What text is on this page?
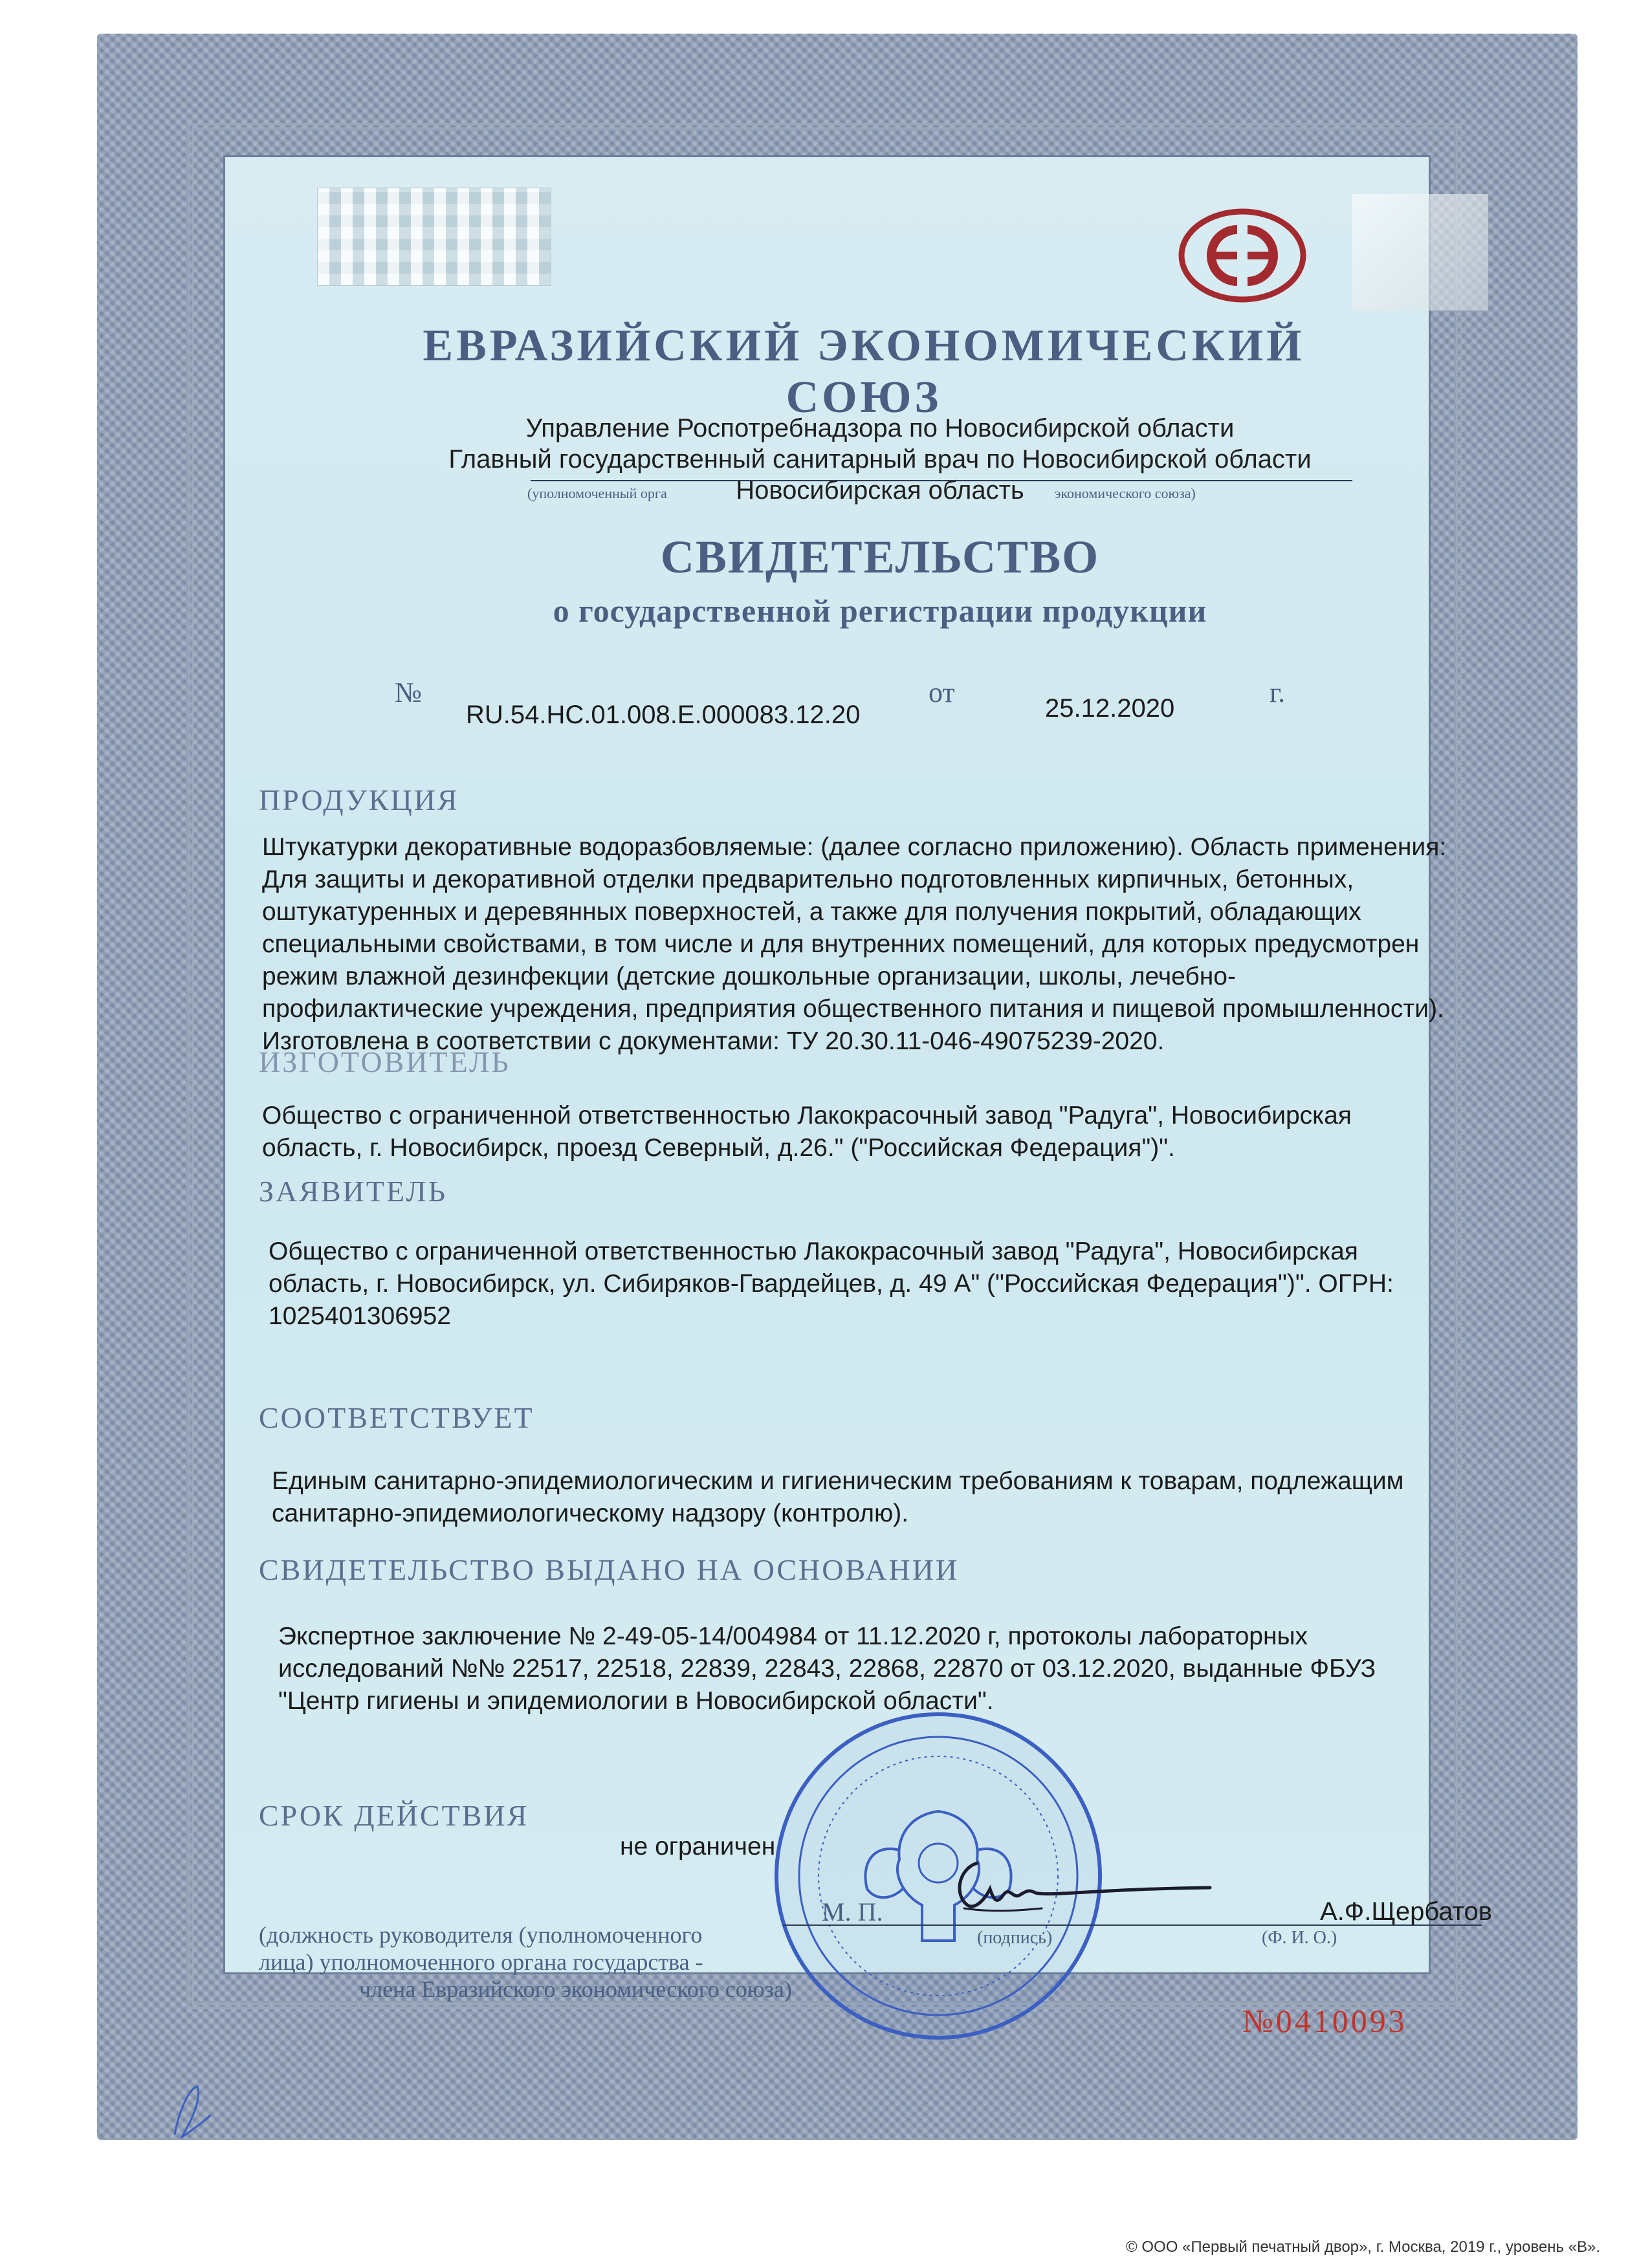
ЕВРАЗИЙСКИЙ ЭКОНОМИЧЕСКИЙ СОЮЗ
Управление Роспотребнадзора по Новосибирской области
Главный государственный санитарный врач по Новосибирской области
Новосибирская область
(уполномоченный орга	экономического союза)
СВИДЕТЕЛЬСТВО
о государственной регистрации продукции
№
RU.54.НС.01.008.Е.000083.12.20
от	25.12.2020	г.
ПРОДУКЦИЯ
Штукатурки декоративные водоразбовляемые: (далее согласно приложению). Область применения:
Для защиты и декоративной отделки предварительно подготовленных кирпичных, бетонных,
оштукатуренных и деревянных поверхностей, а также для получения покрытий, обладающих
специальными свойствами, в том числе и для внутренних помещений, для которых предусмотрен
режим влажной дезинфекции (детские дошкольные организации, школы, лечебно-
профилактические учреждения, предприятия общественного питания и пищевой промышленности).
Изготовлена в соответствии с документами: ТУ 20.30.11-046-49075239-2020.
ИЗГОТОВИТЕЛЬ
Общество с ограниченной ответственностью Лакокрасочный завод "Радуга", Новосибирская
область, г. Новосибирск, проезд Северный, д.26." ("Российская Федерация")".
ЗАЯВИТЕЛЬ
Общество с ограниченной ответственностью Лакокрасочный завод "Радуга", Новосибирская
область, г. Новосибирск, ул. Сибиряков-Гвардейцев, д. 49 А" ("Российская Федерация")". ОГРН:
1025401306952
СООТВЕТСТВУЕТ
Единым санитарно-эпидемиологическим и гигиеническим требованиям к товарам, подлежащим
санитарно-эпидемиологическому надзору (контролю).
СВИДЕТЕЛЬСТВО ВЫДАНО НА ОСНОВАНИИ
Экспертное заключение № 2-49-05-14/004984 от 11.12.2020 г, протоколы лабораторных
исследований №№ 22517, 22518, 22839, 22843, 22868, 22870 от 03.12.2020, выданные ФБУЗ
"Центр гигиены и эпидемиологии в Новосибирской области".
СРОК ДЕЙСТВИЯ
не ограничен
М. П.
(подпись)
А.Ф.Щербатов
(Ф. И. О.)
(должность руководителя (уполномоченного
лица) уполномоченного органа государства -
члена Евразийского экономического союза)
№0410093
© ООО «Первый печатный двор», г. Москва, 2019 г., уровень «В».
